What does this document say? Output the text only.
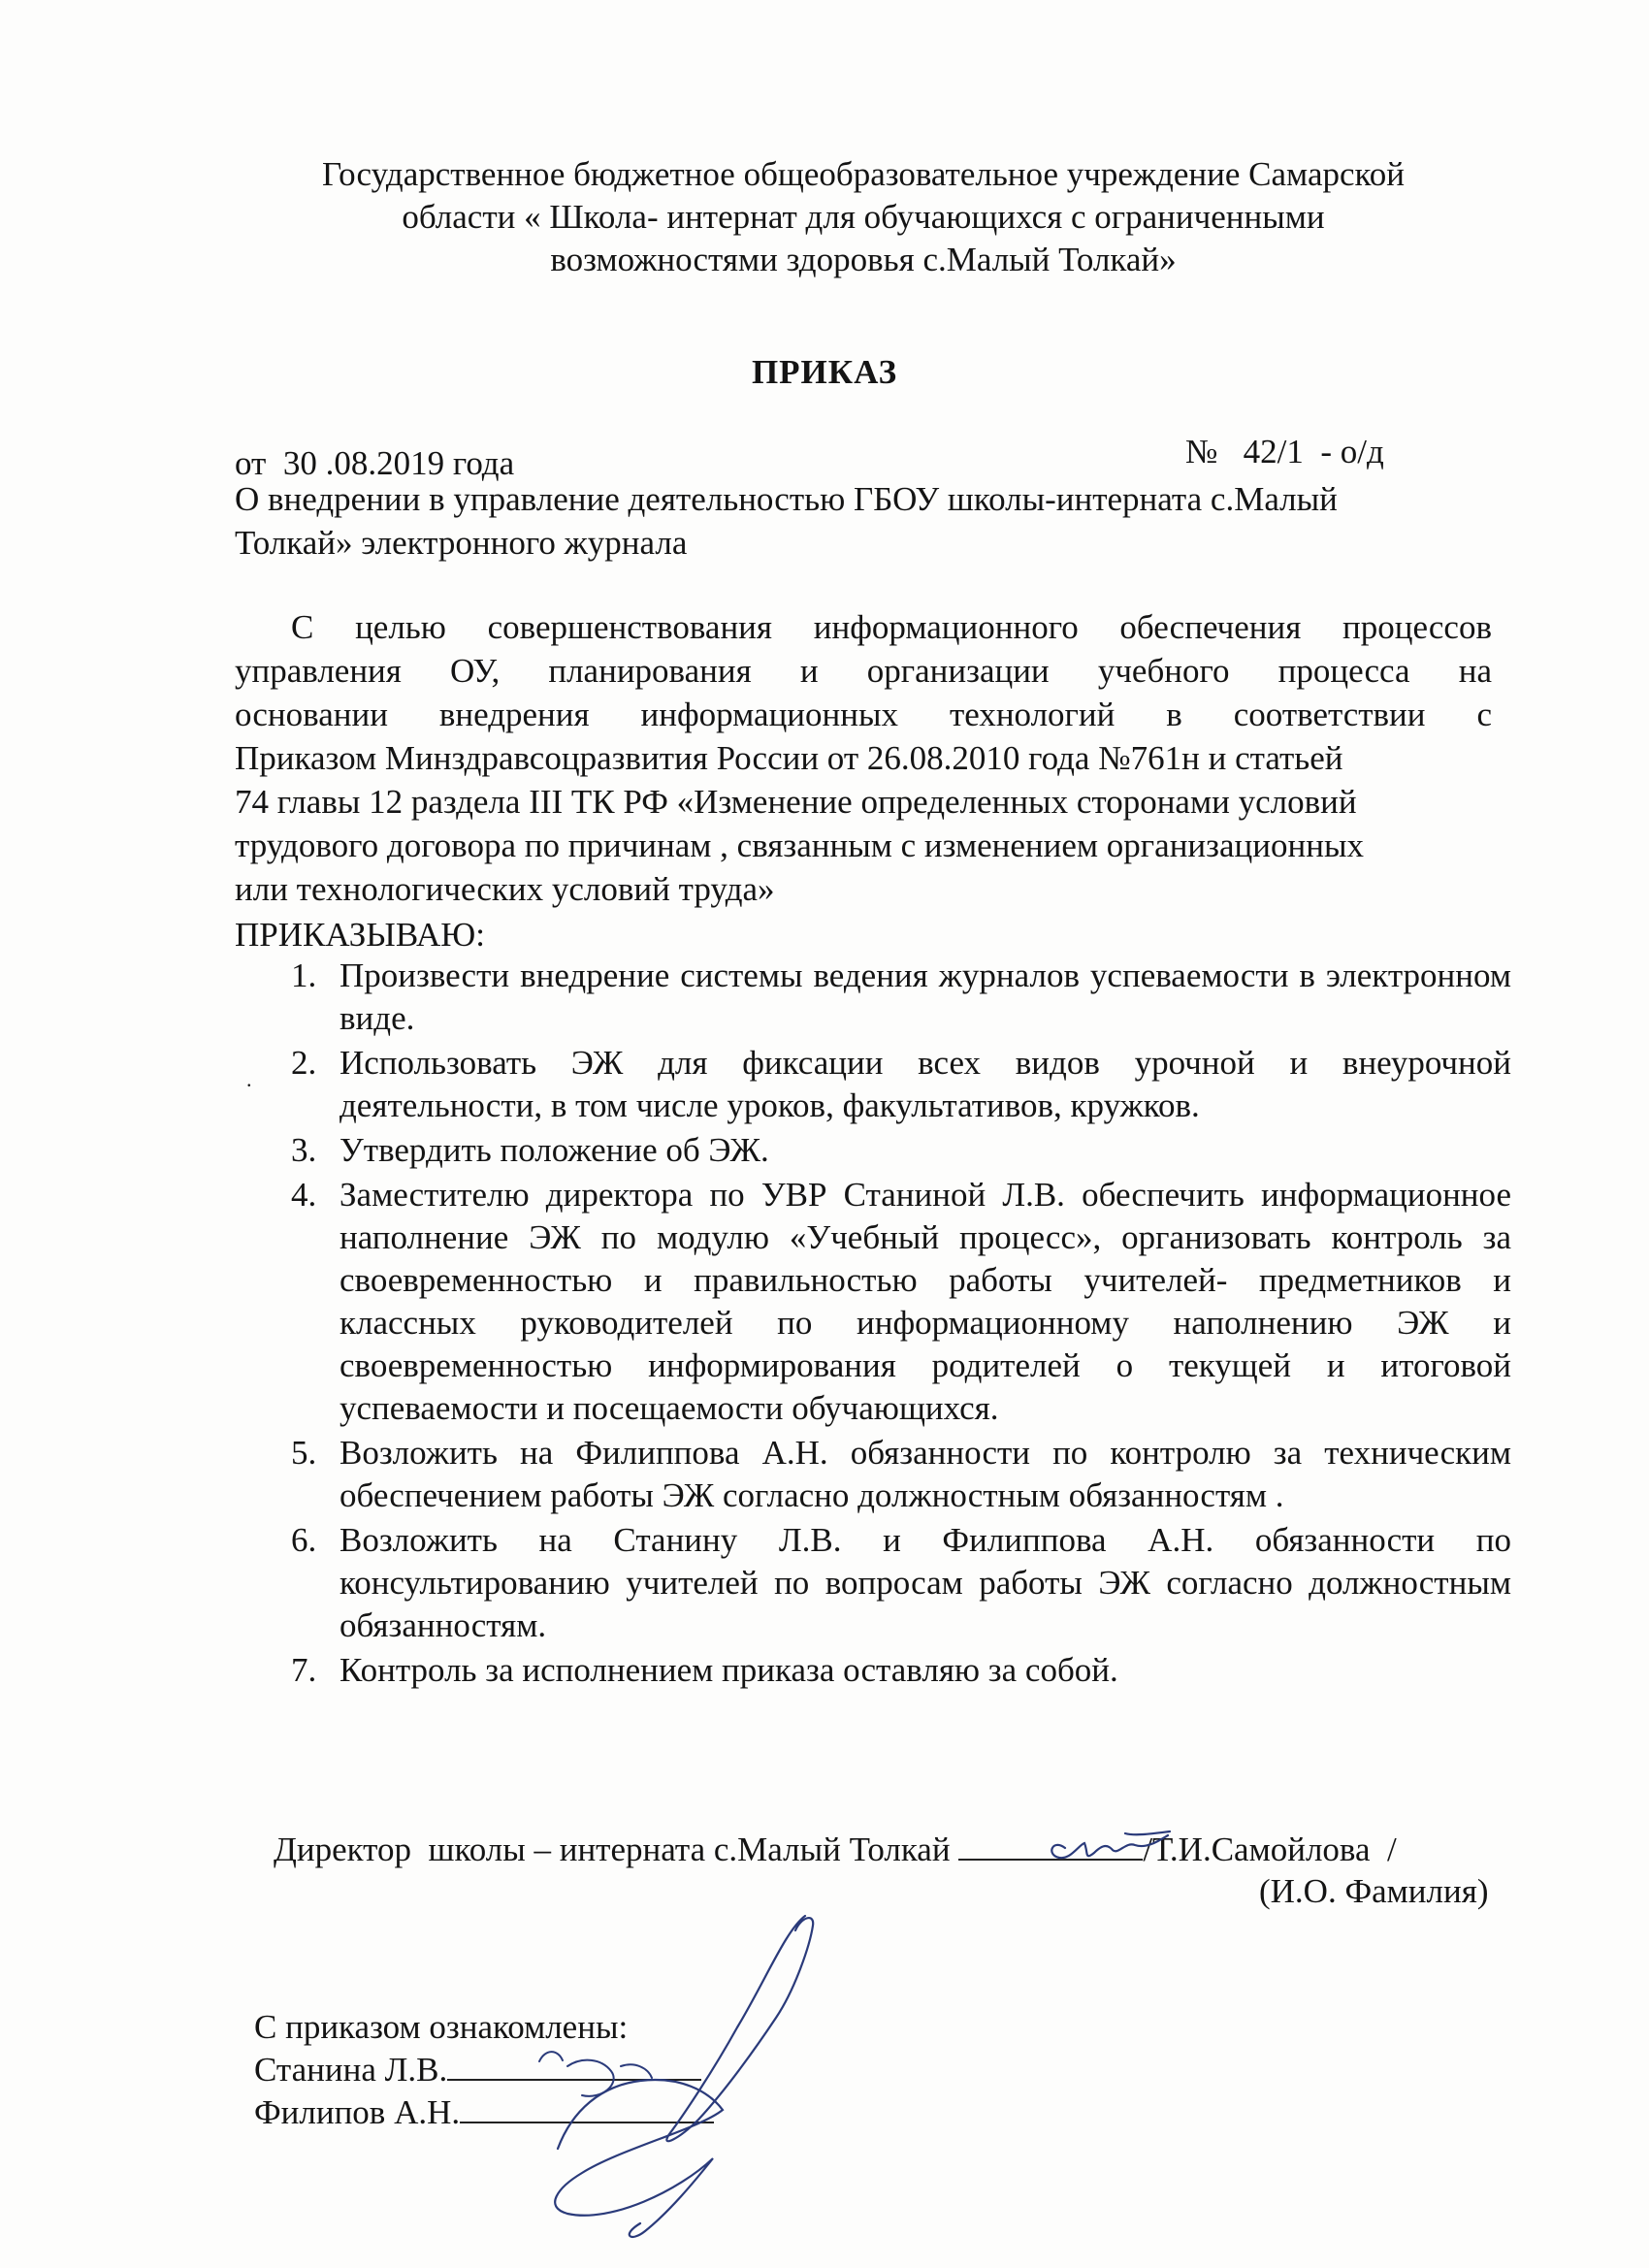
Государственное бюджетное общеобразовательное учреждение Самарской
области « Школа- интернат для обучающихся с ограниченными
возможностями здоровья с.Малый Толкай»
ПРИКАЗ
от  30 .08.2019 года	№   42/1  - о/д
О внедрении в управление деятельностью ГБОУ школы-интерната с.Малый
Толкай» электронного журнала
С целью совершенствования информационного обеспечения процессов
управления ОУ, планирования и организации учебного процесса на
основании внедрения информационных технологий в соответствии с
Приказом Минздравсоцразвития России от 26.08.2010 года №761н и статьей
74 главы 12 раздела III ТК РФ «Изменение определенных сторонами условий
трудового договора по причинам , связанным с изменением организационных
или технологических условий труда»
ПРИКАЗЫВАЮ:
.
1. Произвести внедрение системы ведения журналов успеваемости в электронном виде.
2. Использовать ЭЖ для фиксации всех видов урочной и внеурочной деятельности, в том числе уроков, факультативов, кружков.
3. Утвердить положение об ЭЖ.
4. Заместителю директора по УВР Станиной Л.В. обеспечить информационное наполнение ЭЖ по модулю «Учебный процесс», организовать контроль за своевременностью и правильностью работы учителей- предметников и классных руководителей по информационному наполнению ЭЖ и своевременностью информирования родителей о текущей и итоговой успеваемости и посещаемости обучающихся.
5. Возложить на Филиппова А.Н. обязанности по контролю за техническим обеспечением работы ЭЖ согласно должностным обязанностям .
6. Возложить на Станину Л.В. и Филиппова А.Н. обязанности по консультированию учителей по вопросам работы ЭЖ согласно должностным обязанностям.
7. Контроль за исполнением приказа оставляю за собой.
Директор  школы – интерната с.Малый Толкай	/Т.И.Самойлова  /
(И.О. Фамилия)
С приказом ознакомлены:
Станина Л.В.
Филипов А.Н.
